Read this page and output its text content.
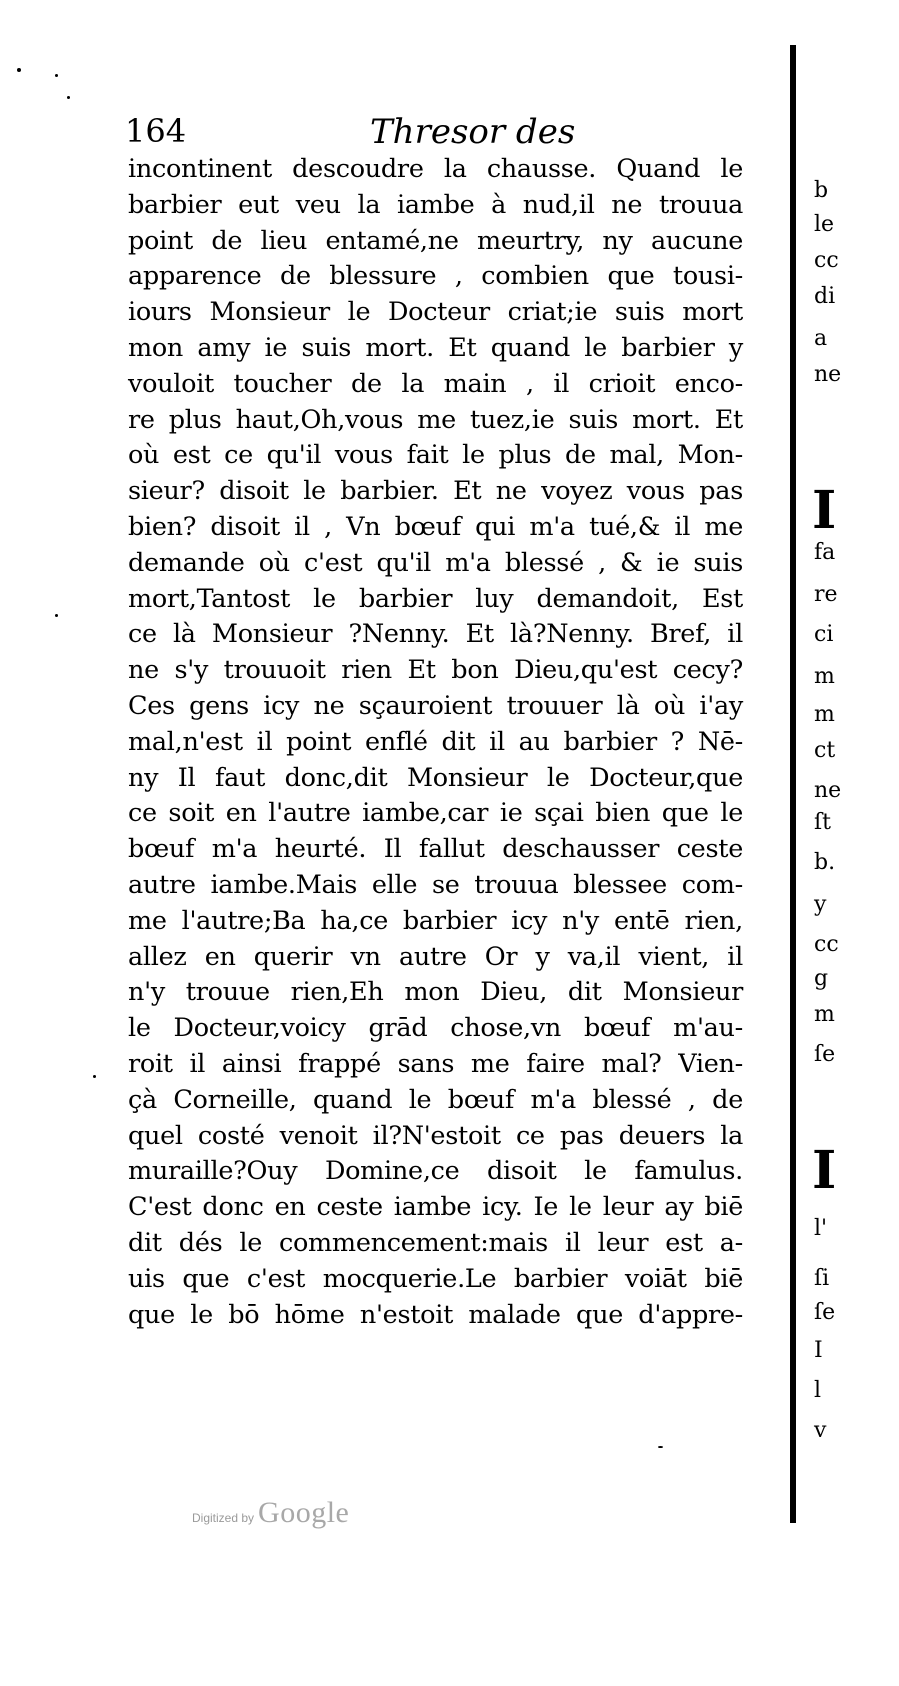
164	Thresor des
incontinent descoudre la chausse. Quand le
barbier eut veu la iambe à nud,il ne trouua
point de lieu entamé,ne meurtry, ny aucune
apparence de blessure , combien que tousi-
iours Monsieur le Docteur criat;ie suis mort
mon amy ie suis mort. Et quand le barbier y
vouloit toucher de la main , il crioit enco-
re plus haut,Oh,vous me tuez,ie suis mort. Et
où est ce qu'il vous fait le plus de mal, Mon-
sieur? disoit le barbier. Et ne voyez vous pas
bien? disoit il , Vn bœuf qui m'a tué,& il me
demande où c'est qu'il m'a blessé , & ie suis
mort,Tantost le barbier luy demandoit, Est
ce là Monsieur ?Nenny. Et là?Nenny. Bref, il
ne s'y trouuoit rien Et bon Dieu,qu'est cecy?
Ces gens icy ne sçauroient trouuer là où i'ay
mal,n'est il point enflé dit il au barbier ? Nē-
ny Il faut donc,dit Monsieur le Docteur,que
ce soit en l'autre iambe,car ie sçai bien que le
bœuf m'a heurté. Il fallut deschausser ceste
autre iambe.Mais elle se trouua blessee com-
me l'autre;Ba ha,ce barbier icy n'y entē rien,
allez en querir vn autre Or y va,il vient, il
n'y trouue rien,Eh mon Dieu, dit Monsieur
le Docteur,voicy grād chose,vn bœuf m'au-
roit il ainsi frappé sans me faire mal? Vien-
çà Corneille, quand le bœuf m'a blessé , de
quel costé venoit il?N'estoit ce pas deuers la
muraille?Ouy Domine,ce disoit le famulus.
C'est donc en ceste iambe icy. Ie le leur ay biē
dit dés le commencement:mais il leur est a-
uis que c'est mocquerie.Le barbier voiāt biē
que le bō hōme n'estoit malade que d'appre-
b
le
cc
di
a
ne
I
fa
re
ci
m
m
ct
ne
ſt
b.
y
cc
g
m
ſe
I
l'
ſi
ſe
I
l
v
Digitized by Google
